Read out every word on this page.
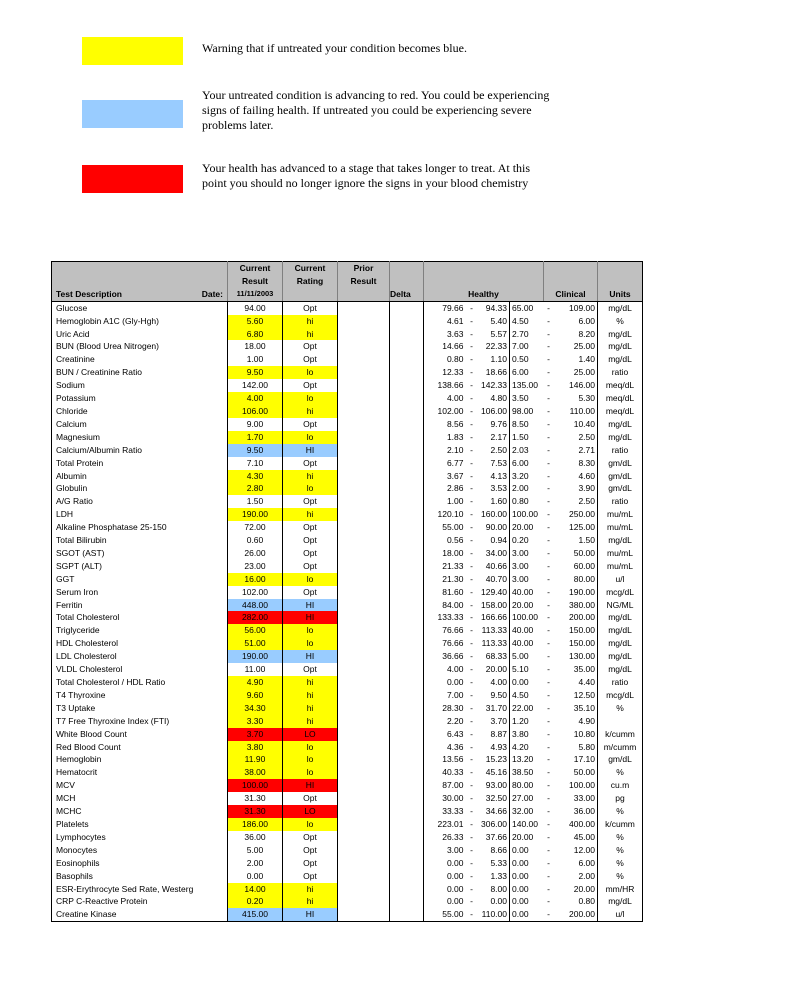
Warning that if untreated your condition becomes blue.
Your untreated condition is advancing to red. You could be experiencing signs of failing health. If untreated you could be experiencing severe problems later.
Your health has advanced to a stage that takes longer to treat. At this point you should no longer ignore the signs in your blood chemistry
	Current	Current	Prior								
	Result	Rating	Result								
Test Description Date:	11/11/2003			Delta	Healthy				Clinical		Units
Glucose	94.00	Opt			79.66	-	94.33	65.00	-	109.00	mg/dL
Hemoglobin A1C (Gly-Hgh)	5.60	hi			4.61	-	5.40	4.50	-	6.00	%
Uric Acid	6.80	hi			3.63	-	5.57	2.70	-	8.20	mg/dL
BUN (Blood Urea Nitrogen)	18.00	Opt			14.66	-	22.33	7.00	-	25.00	mg/dL
Creatinine	1.00	Opt			0.80	-	1.10	0.50	-	1.40	mg/dL
BUN / Creatinine Ratio	9.50	lo			12.33	-	18.66	6.00	-	25.00	ratio
Sodium	142.00	Opt			138.66	-	142.33	135.00	-	146.00	meq/dL
Potassium	4.00	lo			4.00	-	4.80	3.50	-	5.30	meq/dL
Chloride	106.00	hi			102.00	-	106.00	98.00	-	110.00	meq/dL
Calcium	9.00	Opt			8.56	-	9.76	8.50	-	10.40	mg/dL
Magnesium	1.70	lo			1.83	-	2.17	1.50	-	2.50	mg/dL
Calcium/Albumin Ratio	9.50	HI			2.10	-	2.50	2.03	-	2.71	ratio
Total Protein	7.10	Opt			6.77	-	7.53	6.00	-	8.30	gm/dL
Albumin	4.30	hi			3.67	-	4.13	3.20	-	4.60	gm/dL
Globulin	2.80	lo			2.86	-	3.53	2.00	-	3.90	gm/dL
A/G Ratio	1.50	Opt			1.00	-	1.60	0.80	-	2.50	ratio
LDH	190.00	hi			120.10	-	160.00	100.00	-	250.00	mu/mL
Alkaline Phosphatase 25-150	72.00	Opt			55.00	-	90.00	20.00	-	125.00	mu/mL
Total Bilirubin	0.60	Opt			0.56	-	0.94	0.20	-	1.50	mg/dL
SGOT (AST)	26.00	Opt			18.00	-	34.00	3.00	-	50.00	mu/mL
SGPT (ALT)	23.00	Opt			21.33	-	40.66	3.00	-	60.00	mu/mL
GGT	16.00	lo			21.30	-	40.70	3.00	-	80.00	u/l
Serum Iron	102.00	Opt			81.60	-	129.40	40.00	-	190.00	mcg/dL
Ferritin	448.00	HI			84.00	-	158.00	20.00	-	380.00	NG/ML
Total Cholesterol	282.00	HI			133.33	-	166.66	100.00	-	200.00	mg/dL
Triglyceride	56.00	lo			76.66	-	113.33	40.00	-	150.00	mg/dL
HDL Cholesterol	51.00	lo			76.66	-	113.33	40.00	-	150.00	mg/dL
LDL Cholesterol	190.00	HI			36.66	-	68.33	5.00	-	130.00	mg/dL
VLDL Cholesterol	11.00	Opt			4.00	-	20.00	5.10	-	35.00	mg/dL
Total Cholesterol / HDL Ratio	4.90	hi			0.00	-	4.00	0.00	-	4.40	ratio
T4 Thyroxine	9.60	hi			7.00	-	9.50	4.50	-	12.50	mcg/dL
T3 Uptake	34.30	hi			28.30	-	31.70	22.00	-	35.10	%
T7 Free Thyroxine Index (FTI)	3.30	hi			2.20	-	3.70	1.20	-	4.90	
White Blood Count	3.70	LO			6.43	-	8.87	3.80	-	10.80	k/cumm
Red Blood Count	3.80	lo			4.36	-	4.93	4.20	-	5.80	m/cumm
Hemoglobin	11.90	lo			13.56	-	15.23	13.20	-	17.10	gm/dL
Hematocrit	38.00	lo			40.33	-	45.16	38.50	-	50.00	%
MCV	100.00	HI			87.00	-	93.00	80.00	-	100.00	cu.m
MCH	31.30	Opt			30.00	-	32.50	27.00	-	33.00	pg
MCHC	31.30	LO			33.33	-	34.66	32.00	-	36.00	%
Platelets	186.00	lo			223.01	-	306.00	140.00	-	400.00	k/cumm
Lymphocytes	36.00	Opt			26.33	-	37.66	20.00	-	45.00	%
Monocytes	5.00	Opt			3.00	-	8.66	0.00	-	12.00	%
Eosinophils	2.00	Opt			0.00	-	5.33	0.00	-	6.00	%
Basophils	0.00	Opt			0.00	-	1.33	0.00	-	2.00	%
ESR-Erythrocyte Sed Rate, Westerg	14.00	hi			0.00	-	8.00	0.00	-	20.00	mm/HR
CRP C-Reactive Protein	0.20	hi			0.00	-	0.00	0.00	-	0.80	mg/dL
Creatine Kinase	415.00	HI			55.00	-	110.00	0.00	-	200.00	u/l
